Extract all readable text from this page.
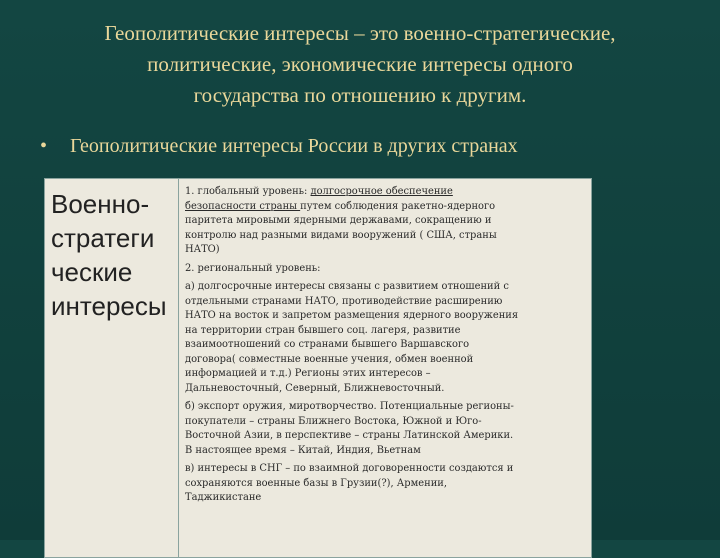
Геополитические интересы – это военно-стратегические,
политические, экономические интересы одного
государства по отношению к другим.
• Геополитические интересы России в других странах
Военно-
стратеги
ческие
интересы
1. глобальный уровень: долгосрочное обеспечение
безопасности страны путем соблюдения ракетно-ядерного
паритета мировыми ядерными державами, сокращению и
контролю над разными видами вооружений ( США, страны
НАТО)
2. региональный уровень:
а) долгосрочные интересы связаны с развитием отношений с
отдельными странами НАТО, противодействие расширению
НАТО на восток и запретом размещения ядерного вооружения
на территории стран бывшего соц. лагеря, развитие
взаимоотношений со странами бывшего Варшавского
договора( совместные военные учения, обмен военной
информацией и т.д.) Регионы этих интересов –
Дальневосточный, Северный, Ближневосточный.
б) экспорт оружия, миротворчество. Потенциальные регионы-
покупатели – страны Ближнего Востока, Южной и Юго-
Восточной Азии, в перспективе – страны Латинской Америки.
В настоящее время – Китай, Индия, Вьетнам
в) интересы в СНГ – по взаимной договоренности создаются и
сохраняются военные базы в Грузии(?), Армении,
Таджикистане
